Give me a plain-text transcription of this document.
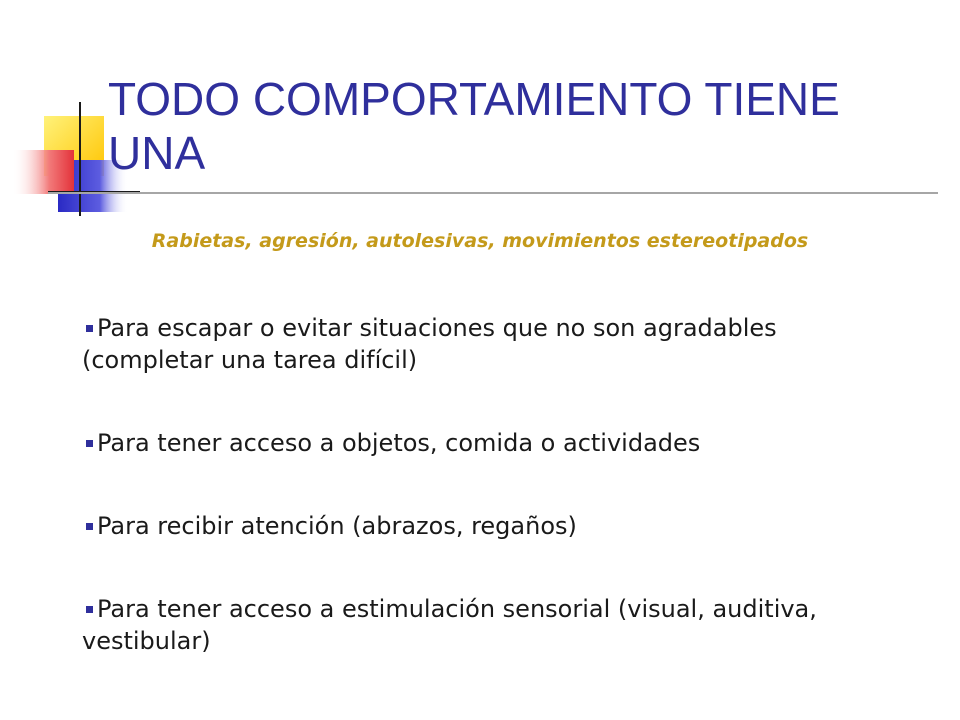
TODO COMPORTAMIENTO TIENE UNA

Rabietas, agresión, autolesivas, movimientos estereotipados

Para escapar o evitar situaciones que no son agradables (completar una tarea difícil)
Para tener acceso a objetos, comida o actividades
Para recibir atención (abrazos, regaños)
Para tener acceso a estimulación sensorial (visual, auditiva, vestibular)
